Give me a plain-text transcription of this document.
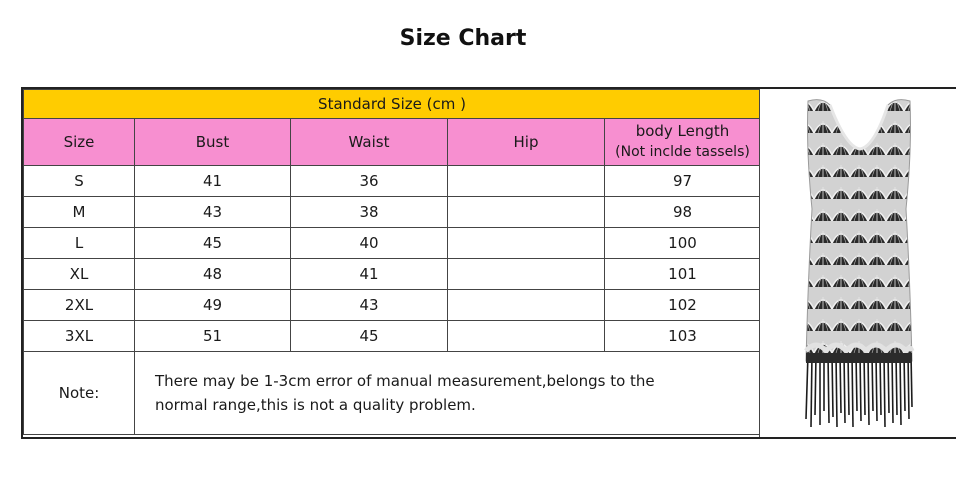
Size Chart
Standard Size (cm )				
Size	Bust	Waist	Hip	body Length
(Not inclde tassels)

S	41	36		97
M	43	38		98
L	45	40		100
XL	48	41		101
2XL	49	43		102
3XL	51	45		103
Note:	There may be 1-3cm error of manual measurement,belongs to the
normal range,this is not a quality problem.			
